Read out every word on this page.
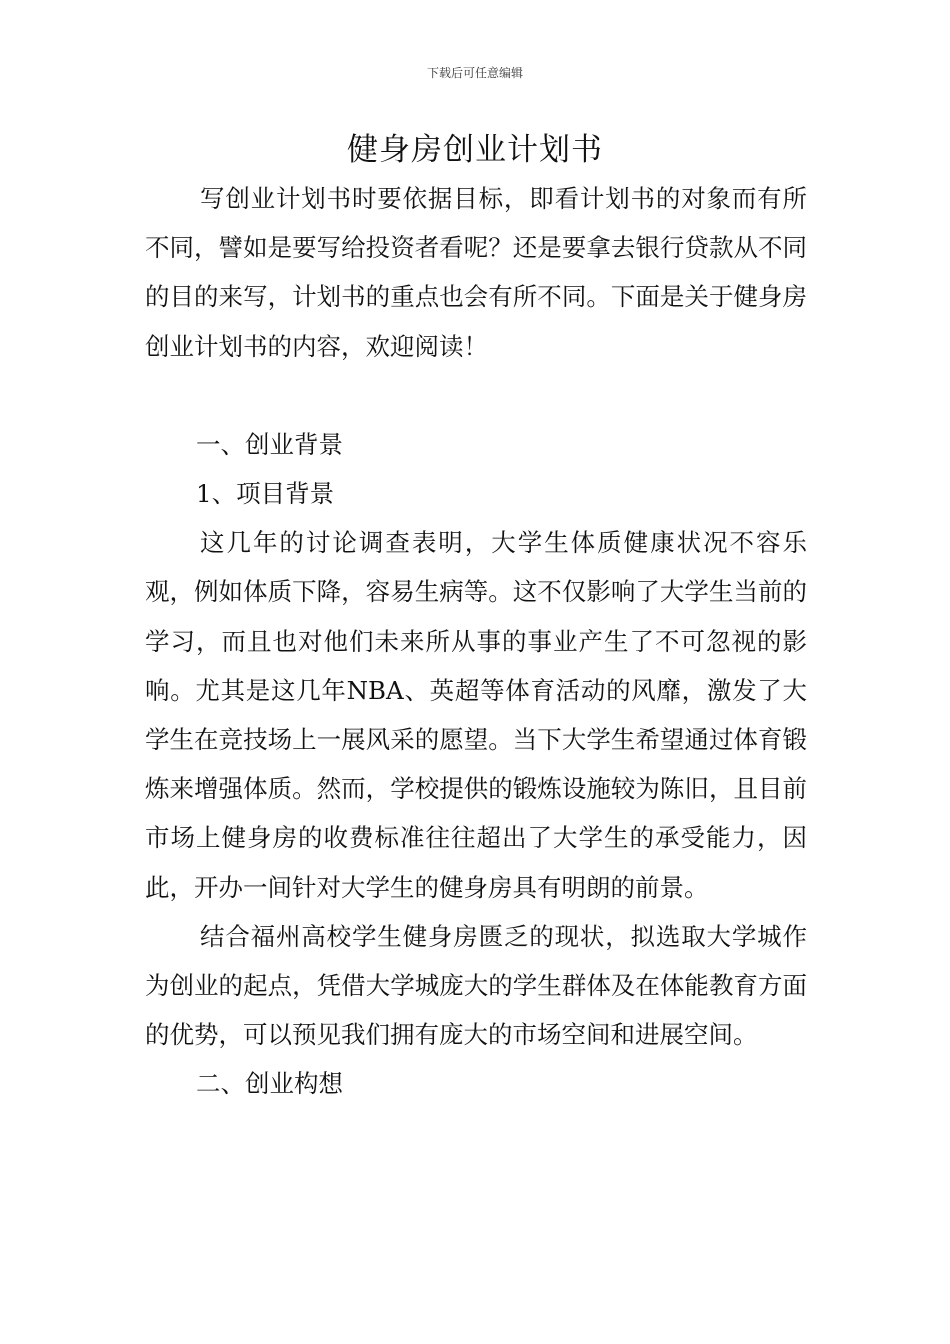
下载后可任意编辑
健身房创业计划书

写创业计划书时要依据目标，即看计划书的对象而有所不同，譬如是要写给投资者看呢？还是要拿去银行贷款从不同的目的来写，计划书的重点也会有所不同。下面是关于健身房创业计划书的内容，欢迎阅读！

一、创业背景

1、项目背景

这几年的讨论调查表明，大学生体质健康状况不容乐观，例如体质下降，容易生病等。这不仅影响了大学生当前的学习，而且也对他们未来所从事的事业产生了不可忽视的影响。尤其是这几年NBA、英超等体育活动的风靡，激发了大学生在竞技场上一展风采的愿望。当下大学生希望通过体育锻炼来增强体质。然而，学校提供的锻炼设施较为陈旧，且目前市场上健身房的收费标准往往超出了大学生的承受能力，因此，开办一间针对大学生的健身房具有明朗的前景。

结合福州高校学生健身房匮乏的现状，拟选取大学城作为创业的起点，凭借大学城庞大的学生群体及在体能教育方面的优势，可以预见我们拥有庞大的市场空间和进展空间。

二、创业构想
